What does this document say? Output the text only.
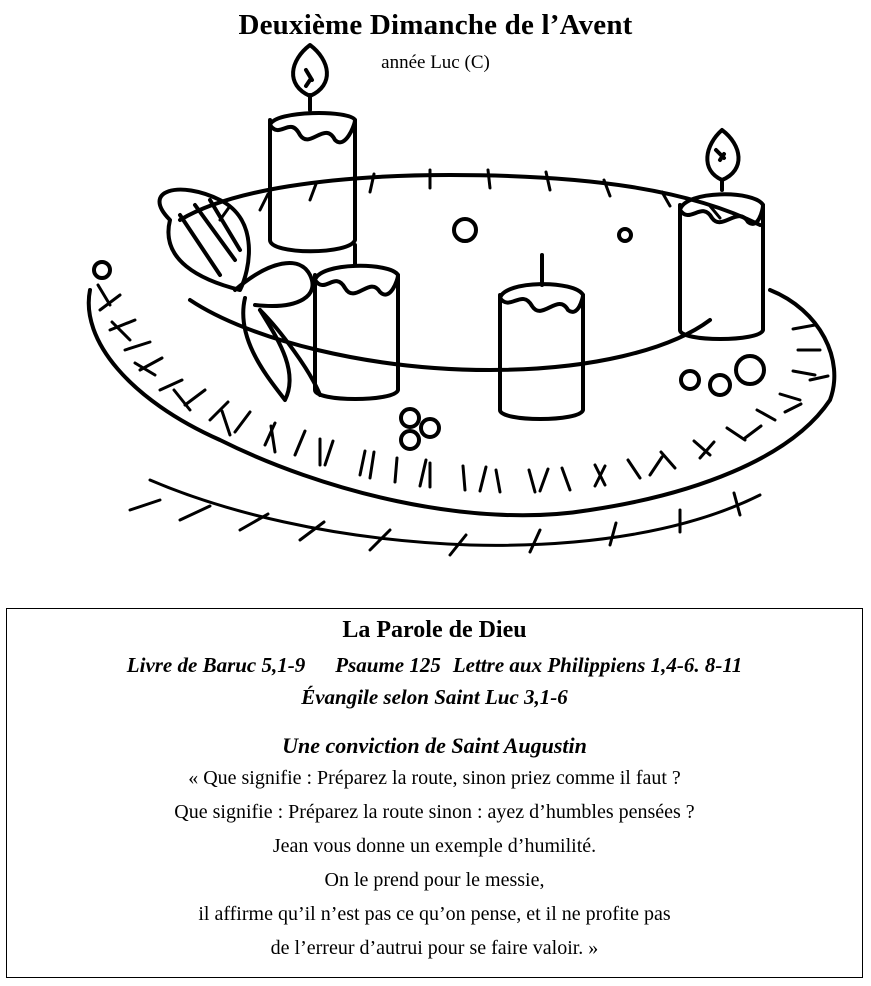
Deuxième Dimanche de l’Avent
année Luc (C)
La Parole de Dieu
Livre de Baruc 5,1-9 Psaume 125 Lettre aux Philippiens 1,4-6. 8-11
Évangile selon Saint Luc 3,1-6
Une conviction de Saint Augustin
« Que signifie : Préparez la route, sinon priez comme il faut ?
Que signifie : Préparez la route sinon : ayez d’humbles pensées ?
Jean vous donne un exemple d’humilité.
On le prend pour le messie,
il affirme qu’il n’est pas ce qu’on pense, et il ne profite pas
de l’erreur d’autrui pour se faire valoir. »
